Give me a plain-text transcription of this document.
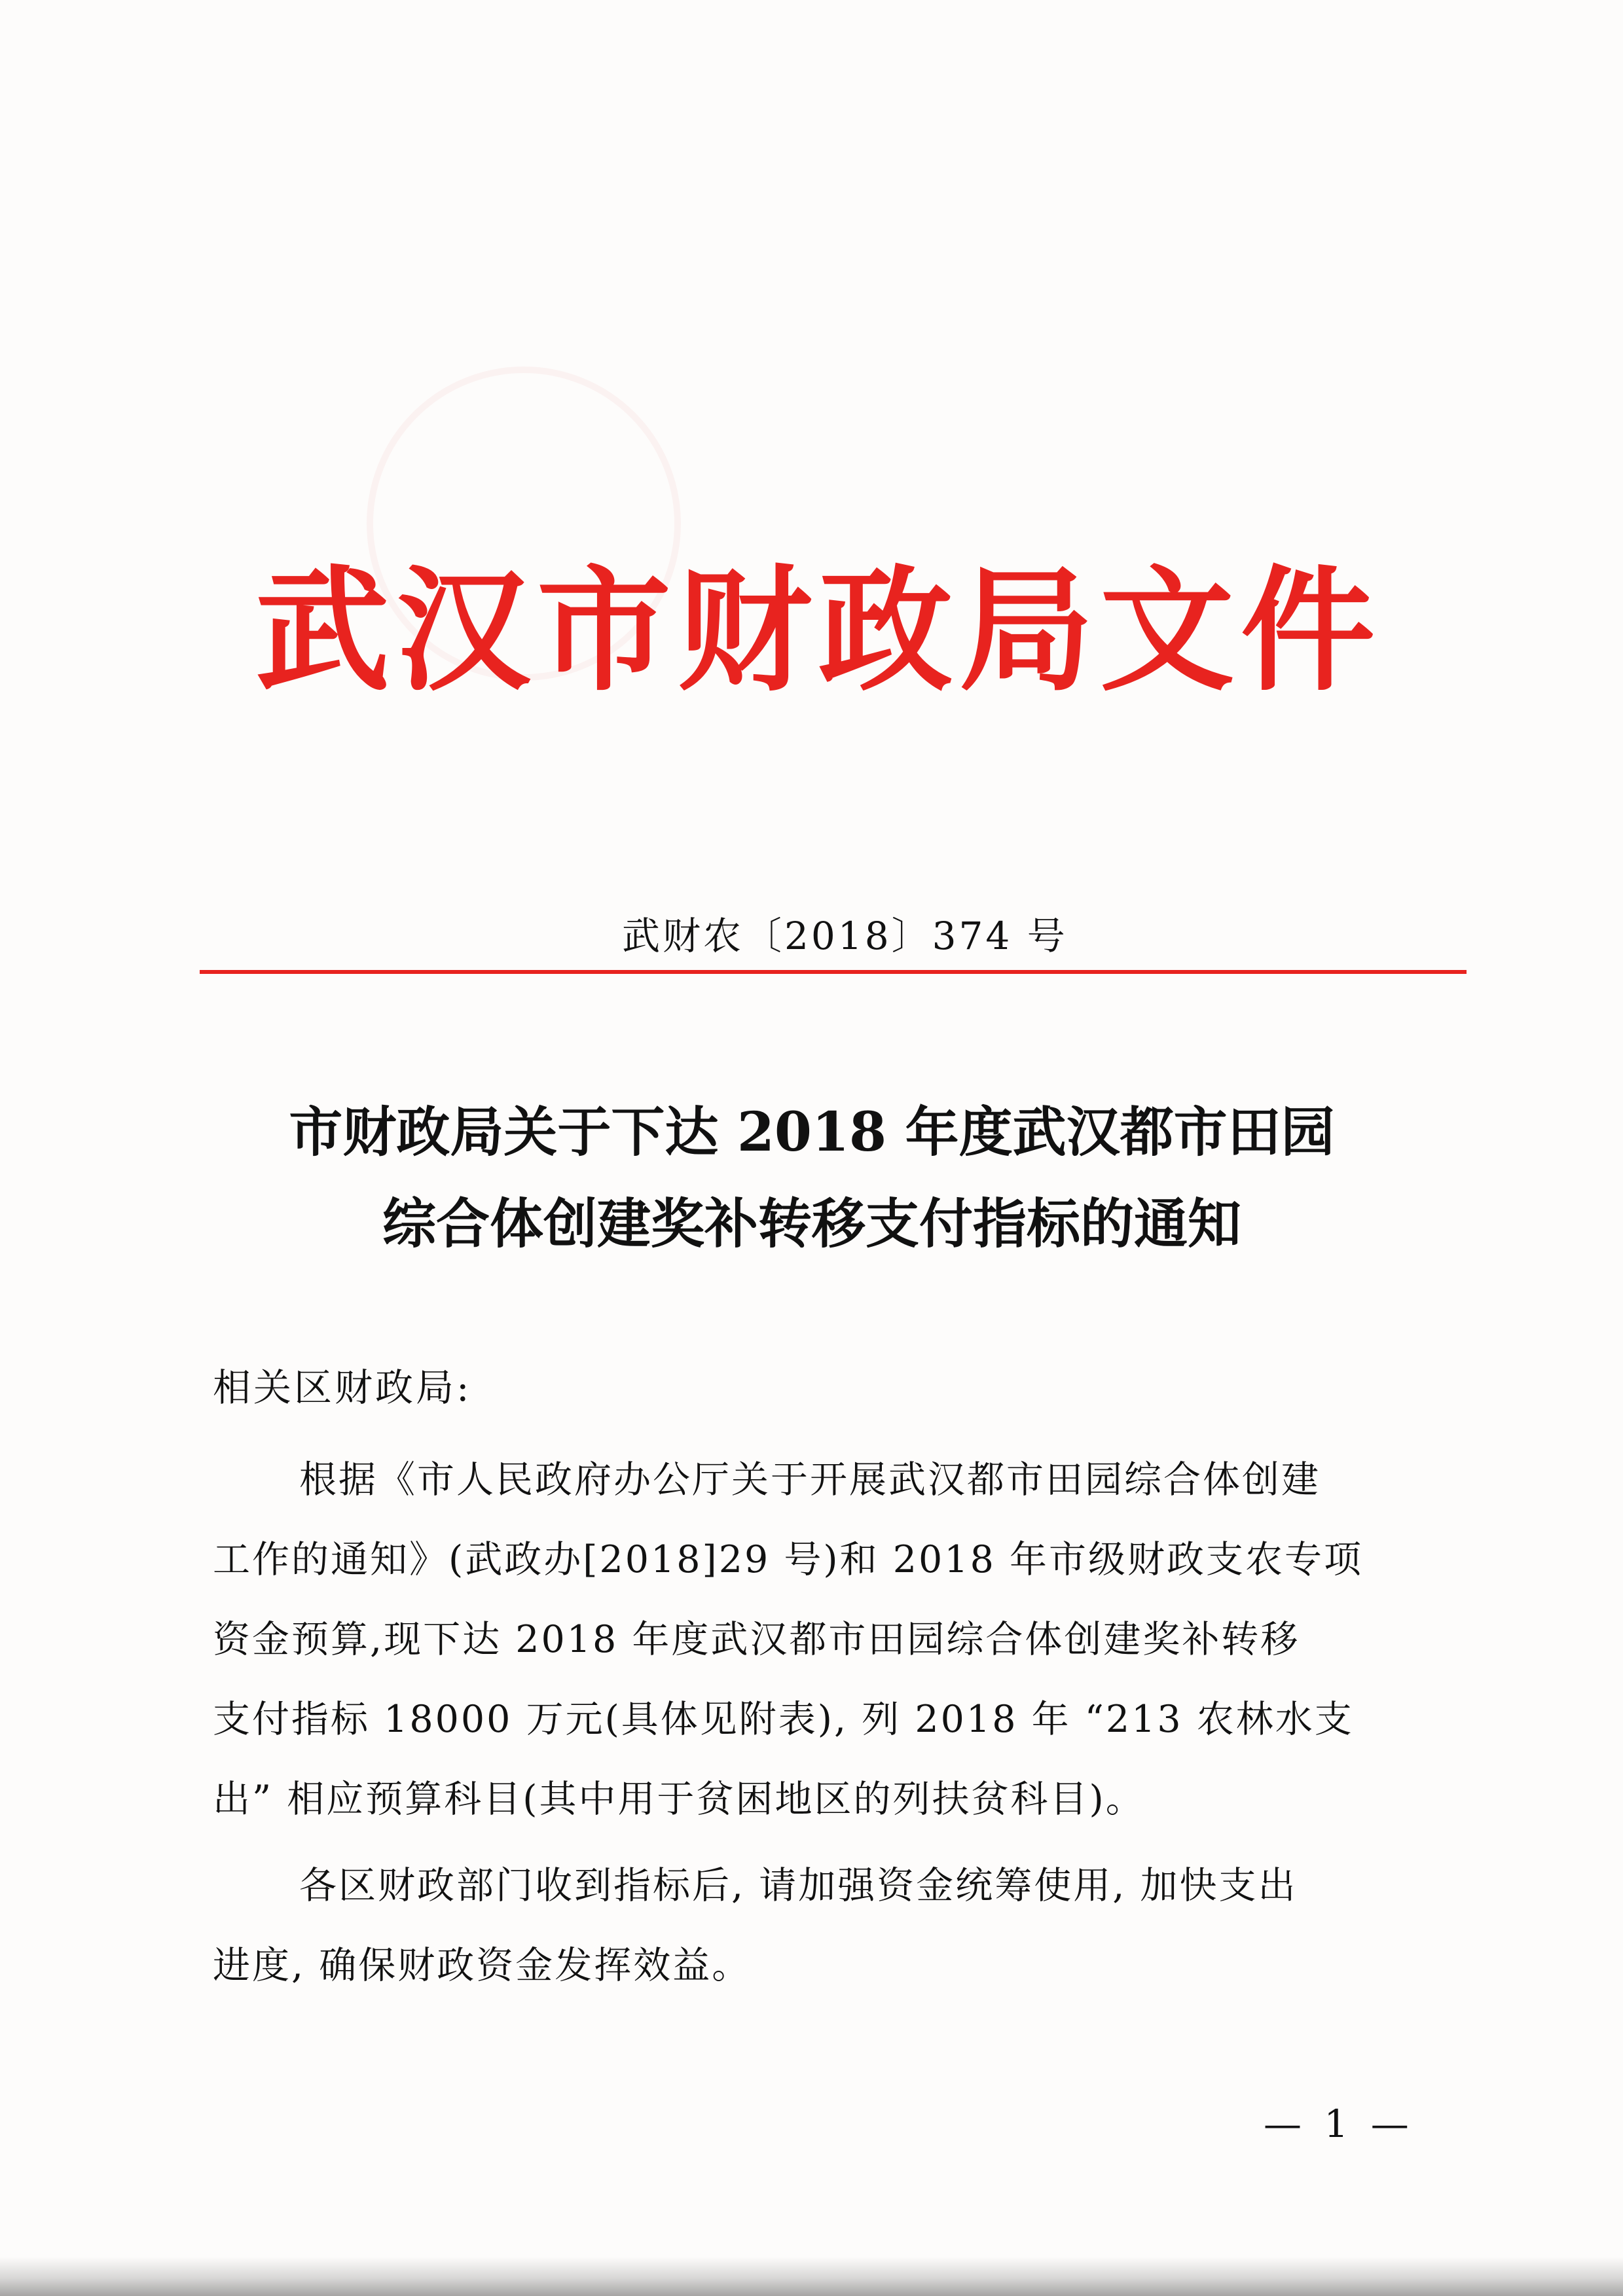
武汉市财政局文件
武财农〔2018〕374 号
市财政局关于下达 2018 年度武汉都市田园
综合体创建奖补转移支付指标的通知
相关区财政局:
根据《市人民政府办公厅关于开展武汉都市田园综合体创建
工作的通知》(武政办[2018]29 号)和 2018 年市级财政支农专项
资金预算,现下达 2018 年度武汉都市田园综合体创建奖补转移
支付指标 18000 万元(具体见附表), 列 2018 年 “213 农林水支
出” 相应预算科目(其中用于贫困地区的列扶贫科目)。
各区财政部门收到指标后, 请加强资金统筹使用, 加快支出
进度, 确保财政资金发挥效益。
— 1 —
